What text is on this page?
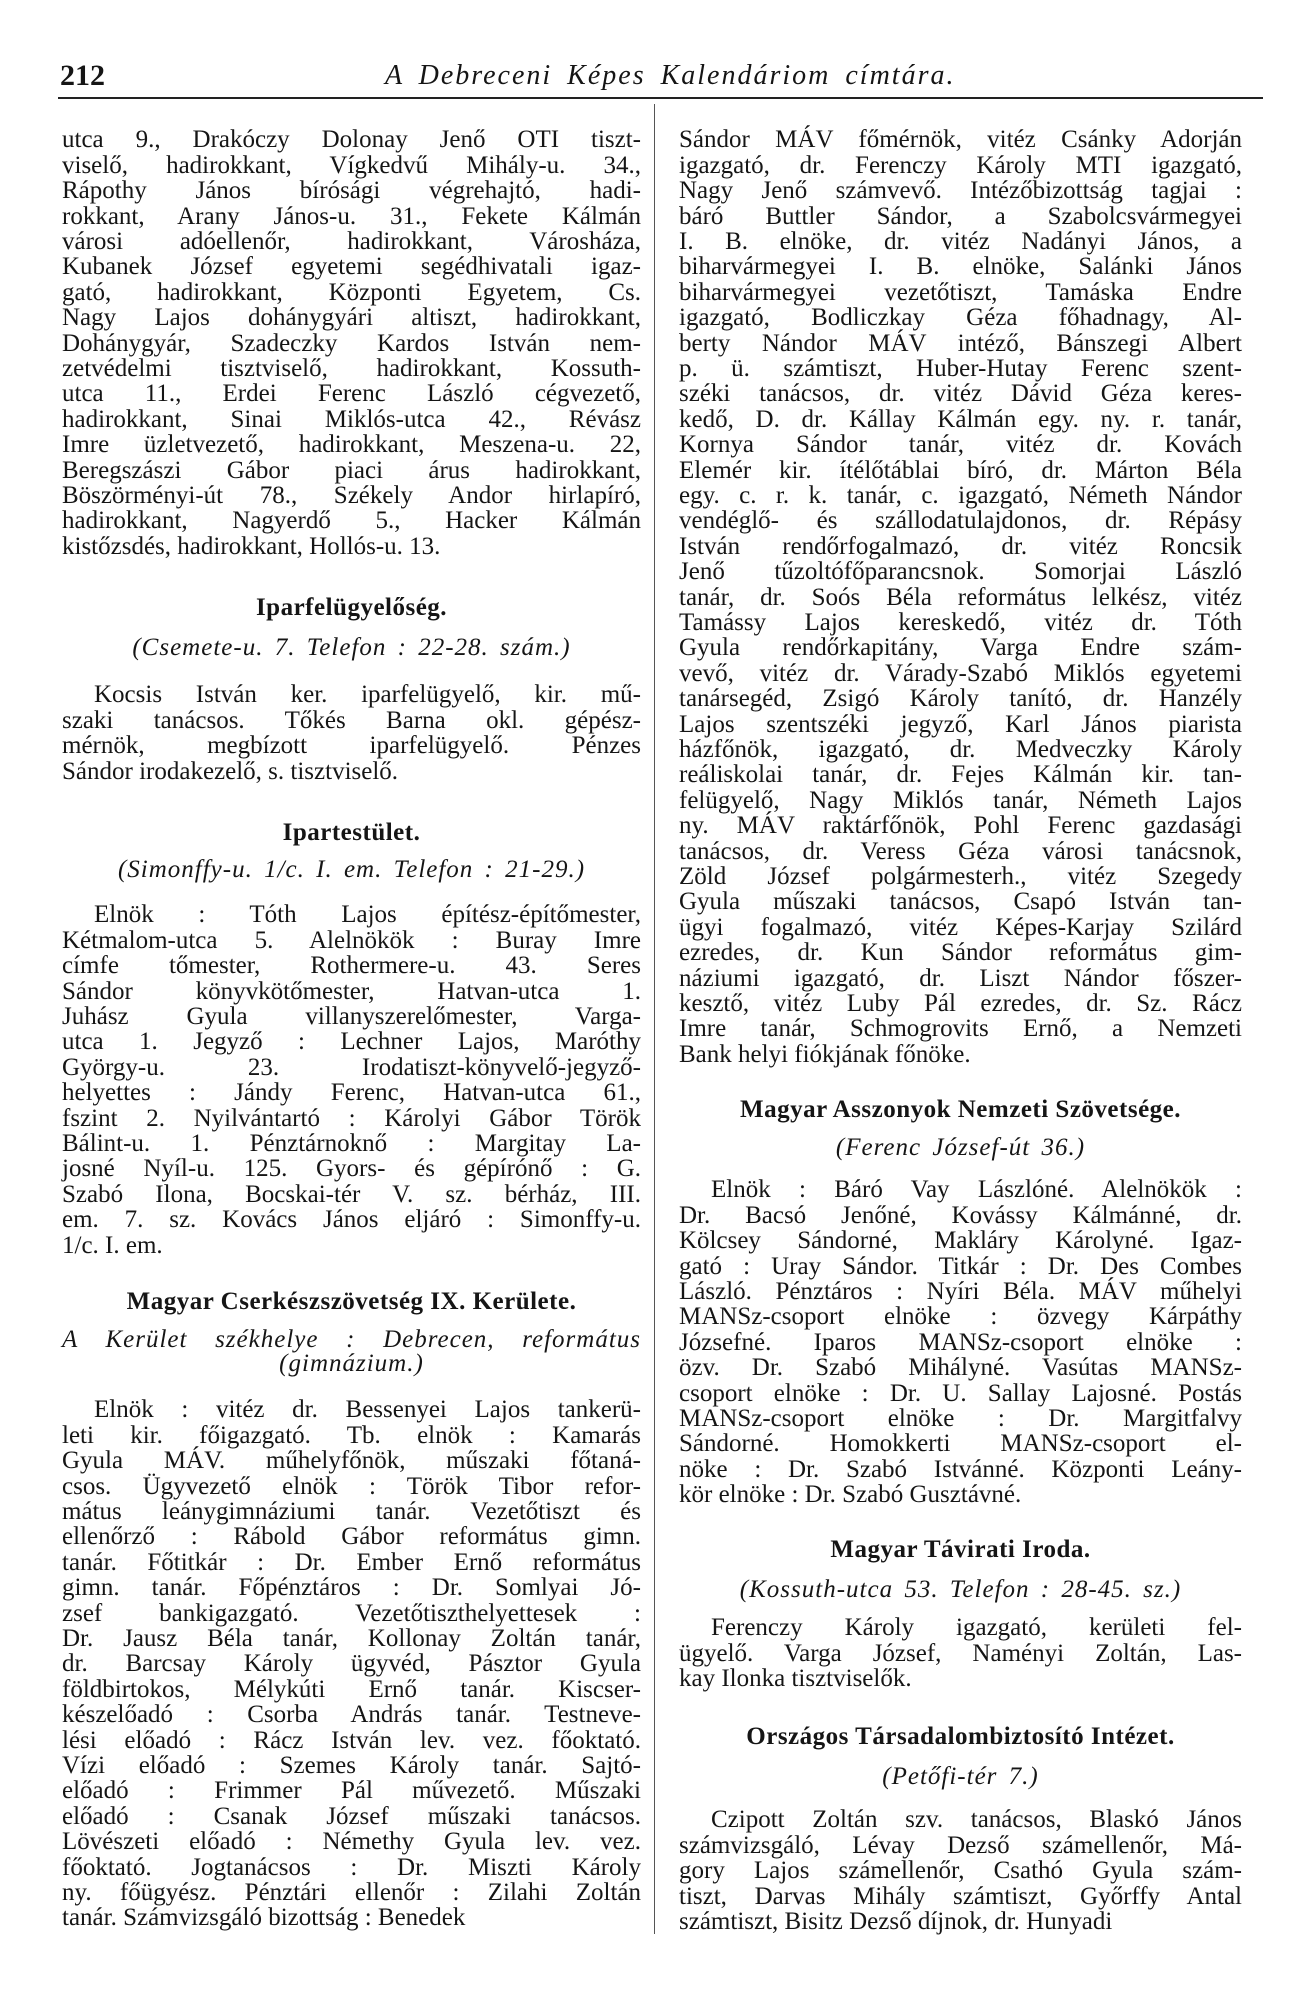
212	A Debreceni Képes Kalendáriom címtára.
utca 9., Drakóczy Dolonay Jenő OTI tiszt-
viselő, hadirokkant, Vígkedvű Mihály-u. 34.,
Rápothy János bírósági végrehajtó, hadi-
rokkant, Arany János-u. 31., Fekete Kálmán
városi adóellenőr, hadirokkant, Városháza,
Kubanek József egyetemi segédhivatali igaz-
gató, hadirokkant, Központi Egyetem, Cs.
Nagy Lajos dohánygyári altiszt, hadirokkant,
Dohánygyár, Szadeczky Kardos István nem-
zetvédelmi tisztviselő, hadirokkant, Kossuth-
utca 11., Erdei Ferenc László cégvezető,
hadirokkant, Sinai Miklós-utca 42., Révász
Imre üzletvezető, hadirokkant, Meszena-u. 22,
Beregszászi Gábor piaci árus hadirokkant,
Böszörményi-út 78., Székely Andor hirlapíró,
hadirokkant, Nagyerdő 5., Hacker Kálmán
kistőzsdés, hadirokkant, Hollós-u. 13.
Iparfelügyelőség.
(Csemete-u. 7. Telefon : 22-28. szám.)
Kocsis István ker. iparfelügyelő, kir. mű-
szaki tanácsos. Tőkés Barna okl. gépész-
mérnök, megbízott iparfelügyelő. Pénzes
Sándor irodakezelő, s. tisztviselő.
Ipartestület.
(Simonffy-u. 1/c. I. em. Telefon : 21-29.)
Elnök : Tóth Lajos építész-építőmester,
Kétmalom-utca 5. Alelnökök : Buray Imre
címfe tőmester, Rothermere-u. 43. Seres
Sándor könyvkötőmester, Hatvan-utca 1.
Juhász Gyula villanyszerelőmester, Varga-
utca 1. Jegyző : Lechner Lajos, Maróthy
György-u. 23. Irodatiszt-könyvelő-jegyző-
helyettes : Jándy Ferenc, Hatvan-utca 61.,
fszint 2. Nyilvántartó : Károlyi Gábor Török
Bálint-u. 1. Pénztárnoknő : Margitay La-
josné Nyíl-u. 125. Gyors- és gépírónő : G.
Szabó Ilona, Bocskai-tér V. sz. bérház, III.
em. 7. sz. Kovács János eljáró : Simonffy-u.
1/c. I. em.
Magyar Cserkészszövetség IX. Kerülete.
A Kerület székhelye : Debrecen, református
(gimnázium.)
Elnök : vitéz dr. Bessenyei Lajos tankerü-
leti kir. főigazgató. Tb. elnök : Kamarás
Gyula MÁV. műhelyfőnök, műszaki főtaná-
csos. Ügyvezető elnök : Török Tibor refor-
mátus leánygimnáziumi tanár. Vezetőtiszt és
ellenőrző : Rábold Gábor református gimn.
tanár. Főtitkár : Dr. Ember Ernő református
gimn. tanár. Főpénztáros : Dr. Somlyai Jó-
zsef bankigazgató. Vezetőtiszthelyettesek :
Dr. Jausz Béla tanár, Kollonay Zoltán tanár,
dr. Barcsay Károly ügyvéd, Pásztor Gyula
földbirtokos, Mélykúti Ernő tanár. Kiscser-
készelőadó : Csorba András tanár. Testneve-
lési előadó : Rácz István lev. vez. főoktató.
Vízi előadó : Szemes Károly tanár. Sajtó-
előadó : Frimmer Pál művezető. Műszaki
előadó : Csanak József műszaki tanácsos.
Lövészeti előadó : Némethy Gyula lev. vez.
főoktató. Jogtanácsos : Dr. Miszti Károly
ny. főügyész. Pénztári ellenőr : Zilahi Zoltán
tanár. Számvizsgáló bizottság : Benedek
Sándor MÁV főmérnök, vitéz Csánky Adorján
igazgató, dr. Ferenczy Károly MTI igazgató,
Nagy Jenő számvevő. Intézőbizottság tagjai :
báró Buttler Sándor, a Szabolcsvármegyei
I. B. elnöke, dr. vitéz Nadányi János, a
biharvármegyei I. B. elnöke, Salánki János
biharvármegyei vezetőtiszt, Tamáska Endre
igazgató, Bodliczkay Géza főhadnagy, Al-
berty Nándor MÁV intéző, Bánszegi Albert
p. ü. számtiszt, Huber-Hutay Ferenc szent-
széki tanácsos, dr. vitéz Dávid Géza keres-
kedő, D. dr. Kállay Kálmán egy. ny. r. tanár,
Kornya Sándor tanár, vitéz dr. Kovách
Elemér kir. ítélőtáblai bíró, dr. Márton Béla
egy. c. r. k. tanár, c. igazgató, Németh Nándor
vendéglő- és szállodatulajdonos, dr. Répásy
István rendőrfogalmazó, dr. vitéz Roncsik
Jenő tűzoltófőparancsnok. Somorjai László
tanár, dr. Soós Béla református lelkész, vitéz
Tamássy Lajos kereskedő, vitéz dr. Tóth
Gyula rendőrkapitány, Varga Endre szám-
vevő, vitéz dr. Várady-Szabó Miklós egyetemi
tanársegéd, Zsigó Károly tanító, dr. Hanzély
Lajos szentszéki jegyző, Karl János piarista
házfőnök, igazgató, dr. Medveczky Károly
reáliskolai tanár, dr. Fejes Kálmán kir. tan-
felügyelő, Nagy Miklós tanár, Németh Lajos
ny. MÁV raktárfőnök, Pohl Ferenc gazdasági
tanácsos, dr. Veress Géza városi tanácsnok,
Zöld József polgármesterh., vitéz Szegedy
Gyula műszaki tanácsos, Csapó István tan-
ügyi fogalmazó, vitéz Képes-Karjay Szilárd
ezredes, dr. Kun Sándor református gim-
náziumi igazgató, dr. Liszt Nándor főszer-
kesztő, vitéz Luby Pál ezredes, dr. Sz. Rácz
Imre tanár, Schmogrovits Ernő, a Nemzeti
Bank helyi fiókjának főnöke.
Magyar Asszonyok Nemzeti Szövetsége.
(Ferenc József-út 36.)
Elnök : Báró Vay Lászlóné. Alelnökök :
Dr. Bacsó Jenőné, Kovássy Kálmánné, dr.
Kölcsey Sándorné, Makláry Károlyné. Igaz-
gató : Uray Sándor. Titkár : Dr. Des Combes
László. Pénztáros : Nyíri Béla. MÁV műhelyi
MANSz-csoport elnöke : özvegy Kárpáthy
Józsefné. Iparos MANSz-csoport elnöke :
özv. Dr. Szabó Mihályné. Vasútas MANSz-
csoport elnöke : Dr. U. Sallay Lajosné. Postás
MANSz-csoport elnöke : Dr. Margitfalvy
Sándorné. Homokkerti MANSz-csoport el-
nöke : Dr. Szabó Istvánné. Központi Leány-
kör elnöke : Dr. Szabó Gusztávné.
Magyar Távirati Iroda.
(Kossuth-utca 53. Telefon : 28-45. sz.)
Ferenczy Károly igazgató, kerületi fel-
ügyelő. Varga József, Naményi Zoltán, Las-
kay Ilonka tisztviselők.
Országos Társadalombiztosító Intézet.
(Petőfi-tér 7.)
Czipott Zoltán szv. tanácsos, Blaskó János
számvizsgáló, Lévay Dezső számellenőr, Má-
gory Lajos számellenőr, Csathó Gyula szám-
tiszt, Darvas Mihály számtiszt, Győrffy Antal
számtiszt, Bisitz Dezső díjnok, dr. Hunyadi
